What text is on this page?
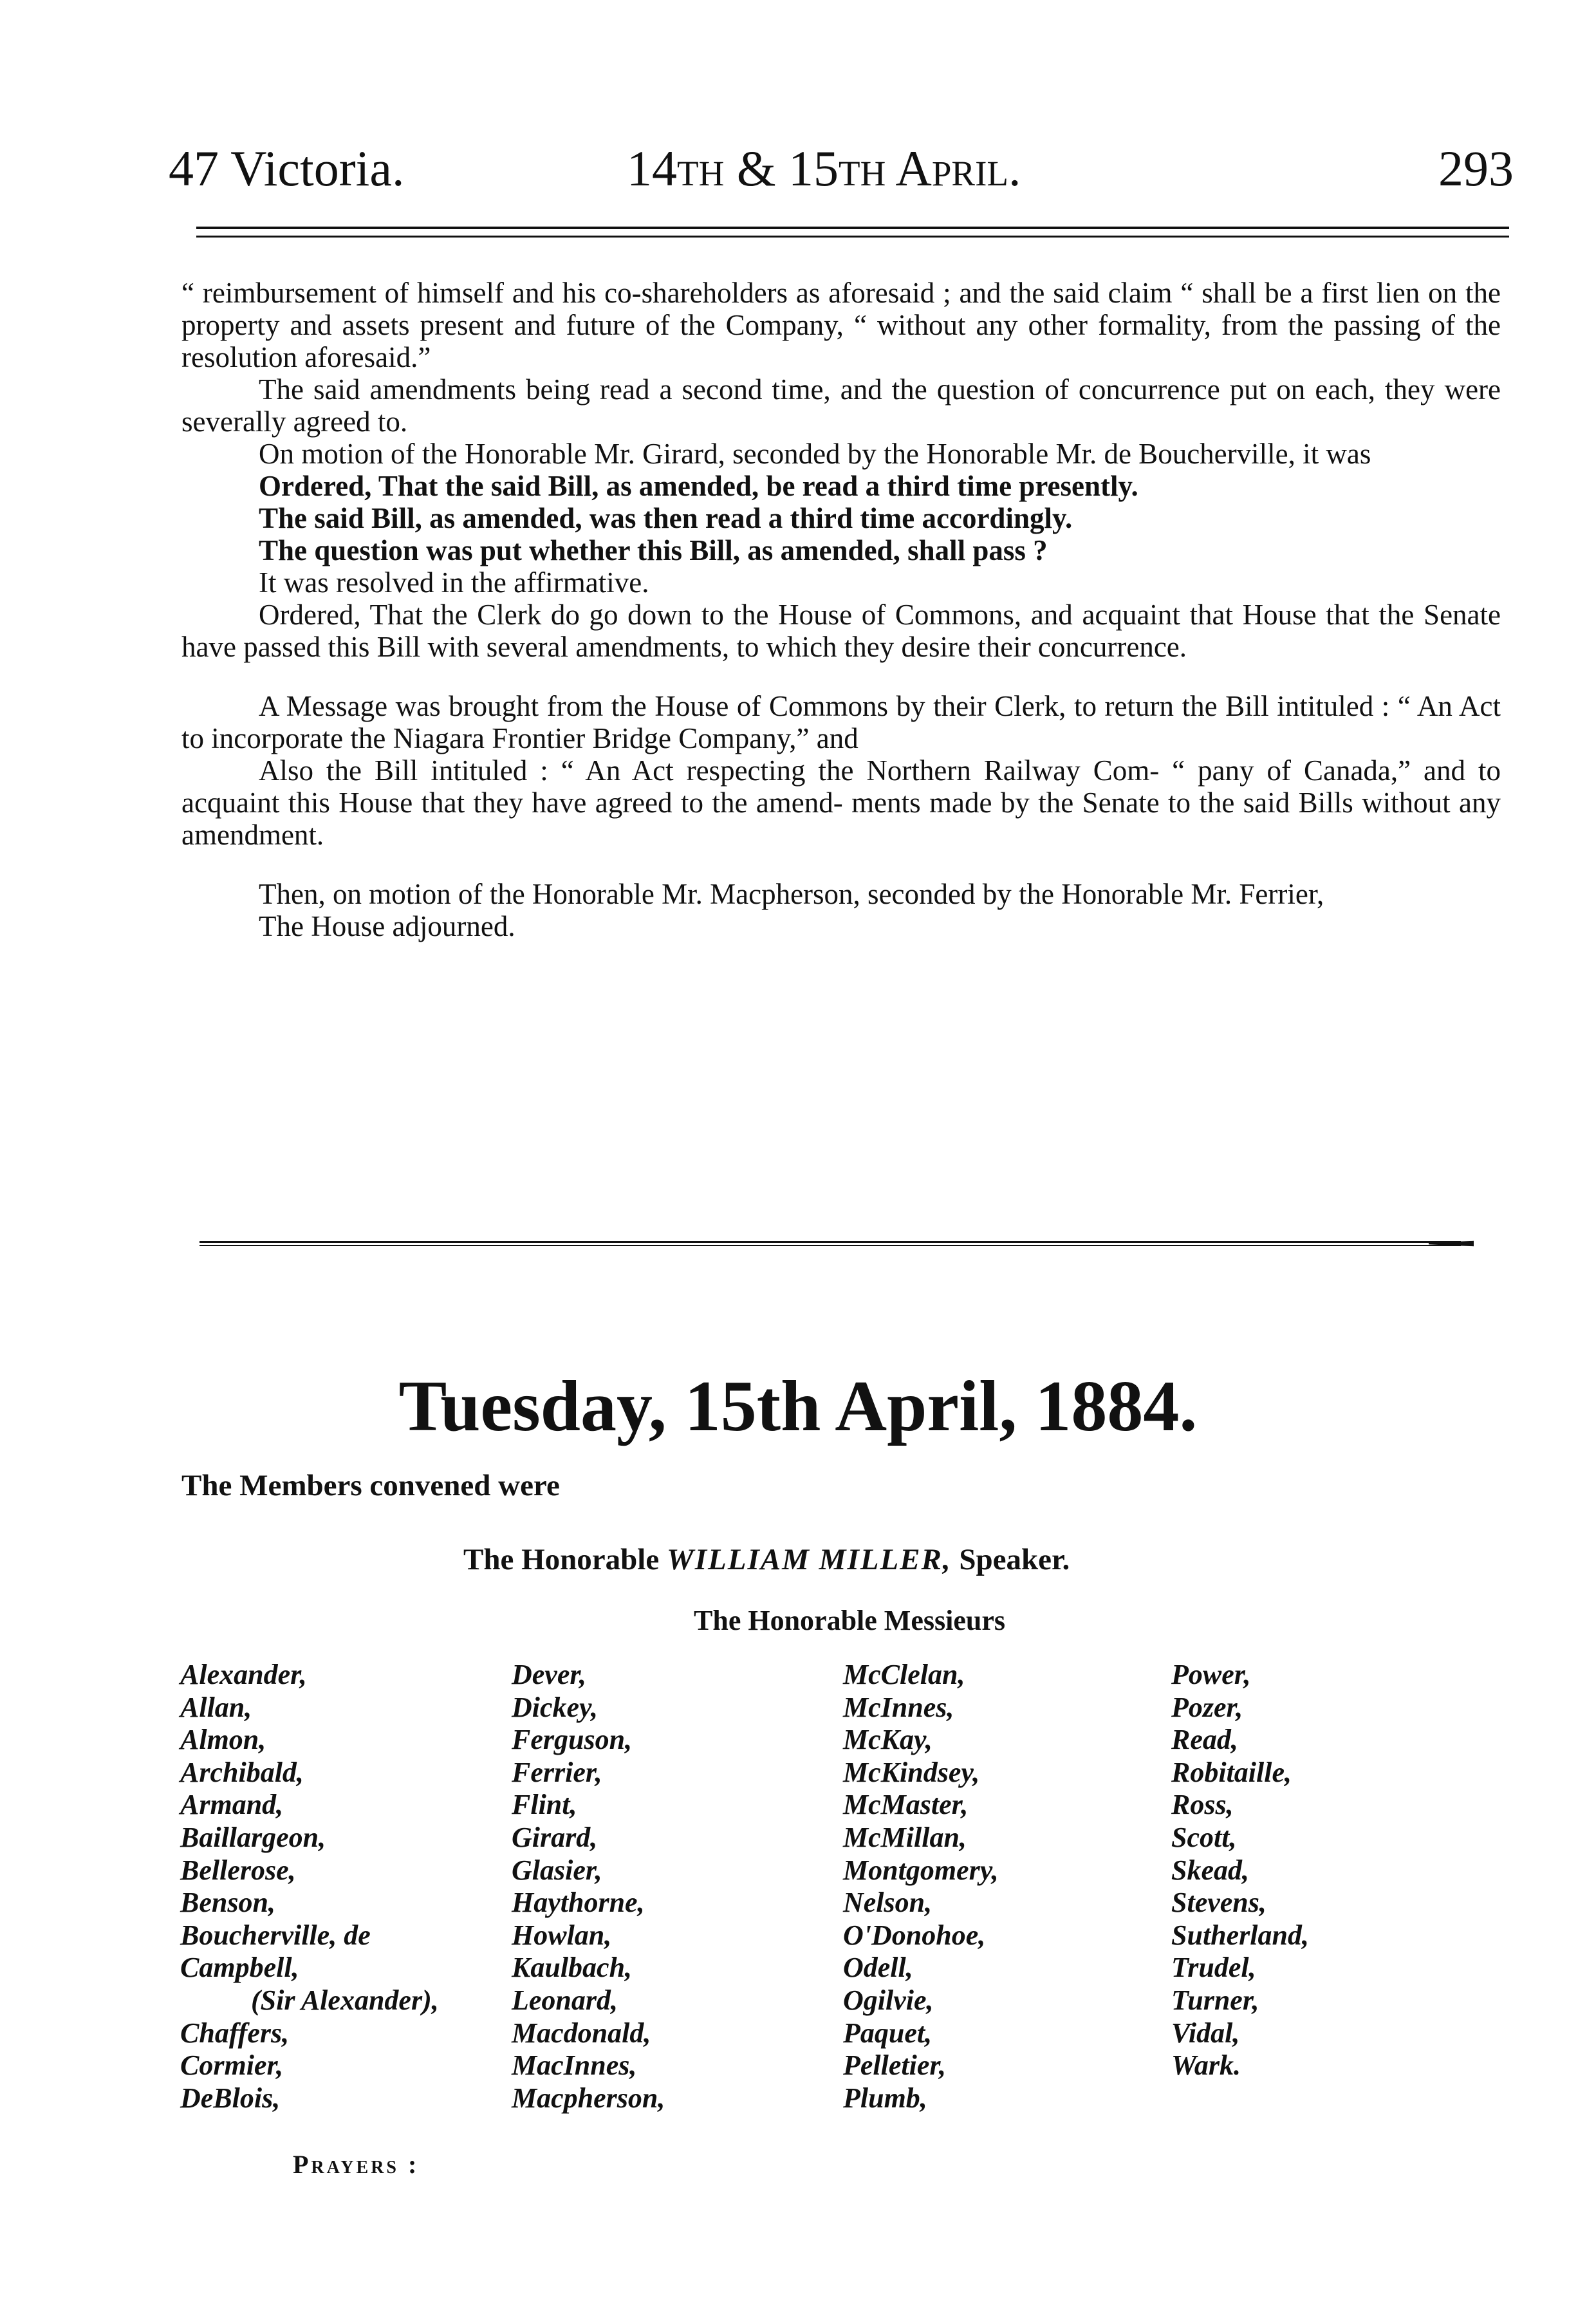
47 Victoria.	14th & 15th April.	293

“ reimbursement of himself and his co-shareholders as aforesaid ; and the said claim “ shall be a first lien on the property and assets present and future of the Company, “ without any other formality, from the passing of the resolution aforesaid.”

The said amendments being read a second time, and the question of concurrence put on each, they were severally agreed to.

On motion of the Honorable Mr. Girard, seconded by the Honorable Mr. de Boucherville, it was

Ordered, That the said Bill, as amended, be read a third time presently.

The said Bill, as amended, was then read a third time accordingly.

The question was put whether this Bill, as amended, shall pass ?

It was resolved in the affirmative.

Ordered, That the Clerk do go down to the House of Commons, and acquaint that House that the Senate have passed this Bill with several amendments, to which they desire their concurrence.

A Message was brought from the House of Commons by their Clerk, to return the Bill intituled : “ An Act to incorporate the Niagara Frontier Bridge Company,” and

Also the Bill intituled : “ An Act respecting the Northern Railway Com- “ pany of Canada,” and to acquaint this House that they have agreed to the amend- ments made by the Senate to the said Bills without any amendment.

Then, on motion of the Honorable Mr. Macpherson, seconded by the Honorable Mr. Ferrier,

The House adjourned.

Tuesday, 15th April, 1884.
The Members convened were
The Honorable WILLIAM MILLER, Speaker.
The Honorable Messieurs
Alexander,
Allan,
Almon,
Archibald,
Armand,
Baillargeon,
Bellerose,
Benson,
Boucherville, de
Campbell,
(Sir Alexander),
Chaffers,
Cormier,
DeBlois,
Dever,
Dickey,
Ferguson,
Ferrier,
Flint,
Girard,
Glasier,
Haythorne,
Howlan,
Kaulbach,
Leonard,
Macdonald,
MacInnes,
Macpherson,
McClelan,
McInnes,
McKay,
McKindsey,
McMaster,
McMillan,
Montgomery,
Nelson,
O'Donohoe,
Odell,
Ogilvie,
Paquet,
Pelletier,
Plumb,
Power,
Pozer,
Read,
Robitaille,
Ross,
Scott,
Skead,
Stevens,
Sutherland,
Trudel,
Turner,
Vidal,
Wark.
Prayers :
